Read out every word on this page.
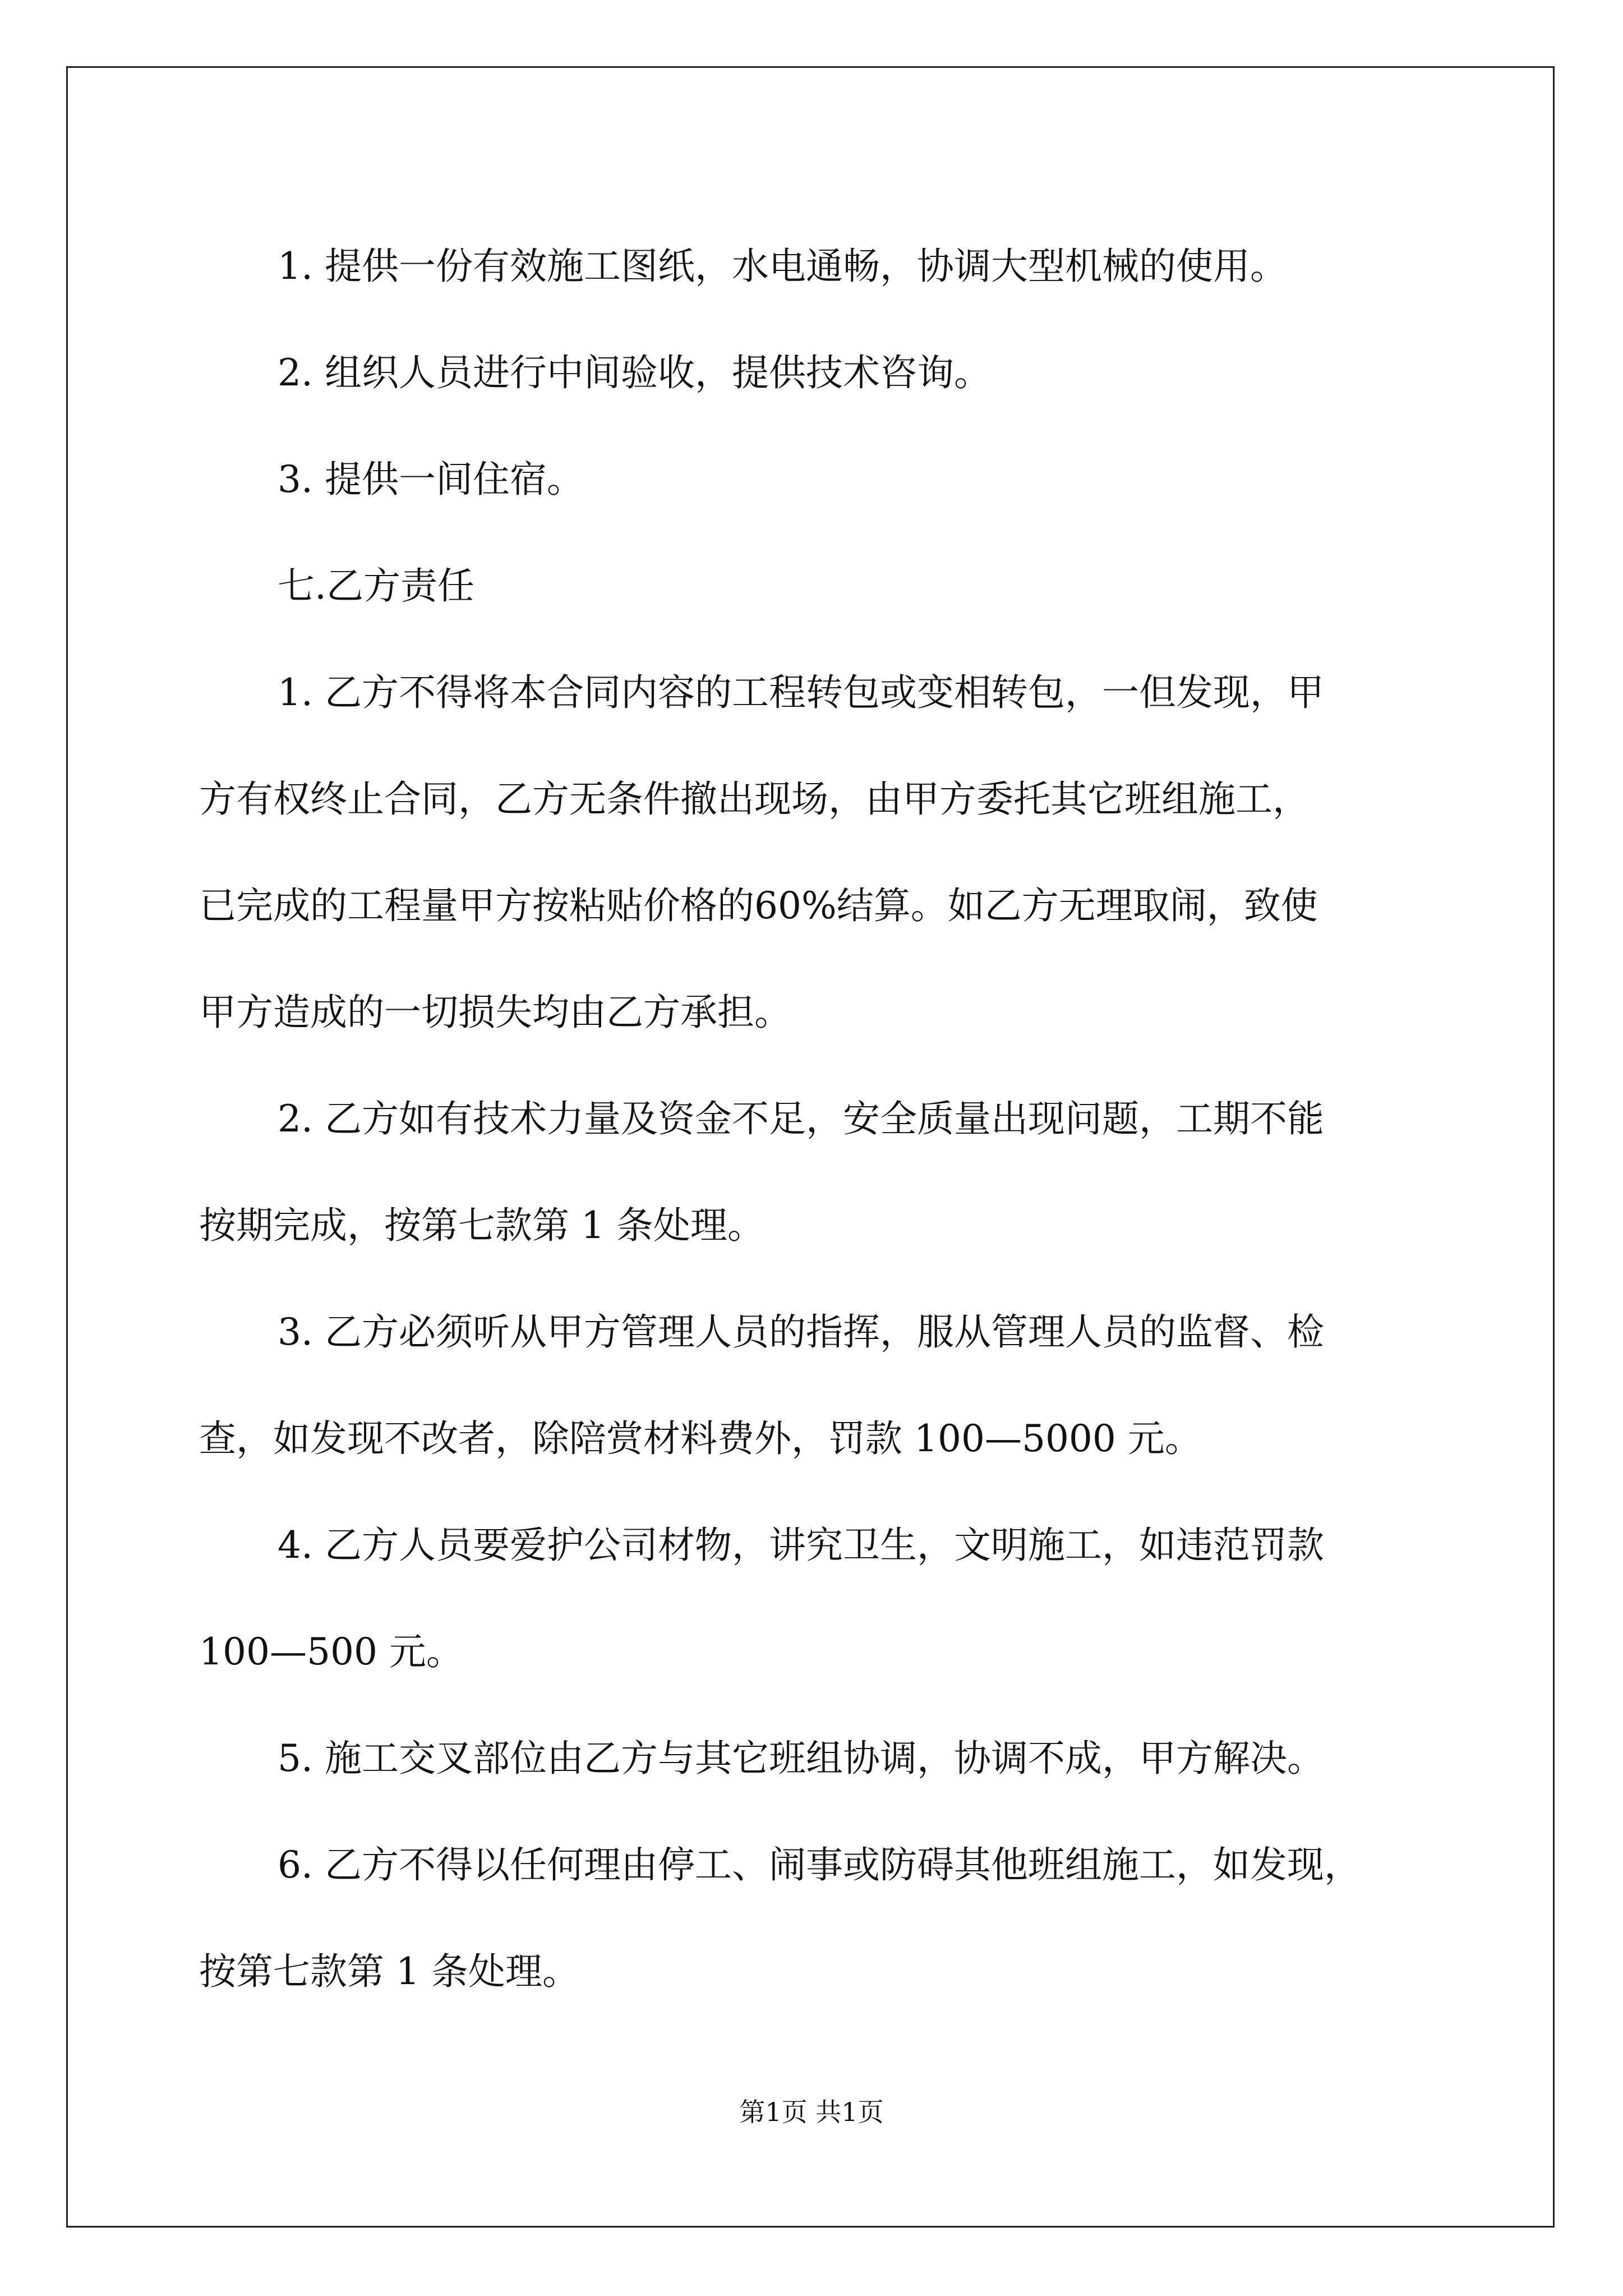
1. 提供一份有效施工图纸，水电通畅，协调大型机械的使用。

2. 组织人员进行中间验收，提供技术咨询。

3. 提供一间住宿。

七.乙方责任

1. 乙方不得将本合同内容的工程转包或变相转包，一但发现，甲

方有权终止合同，乙方无条件撤出现场，由甲方委托其它班组施工，

已完成的工程量甲方按粘贴价格的60%结算。如乙方无理取闹，致使

甲方造成的一切损失均由乙方承担。

2. 乙方如有技术力量及资金不足，安全质量出现问题，工期不能

按期完成，按第七款第 1 条处理。

3. 乙方必须听从甲方管理人员的指挥，服从管理人员的监督、检

查，如发现不改者，除陪赏材料费外，罚款 100—5000 元。

4. 乙方人员要爱护公司材物，讲究卫生，文明施工，如违范罚款

100—500 元。

5. 施工交叉部位由乙方与其它班组协调，协调不成，甲方解决。

6. 乙方不得以任何理由停工、闹事或防碍其他班组施工，如发现，

按第七款第 1 条处理。

第1页 共1页
